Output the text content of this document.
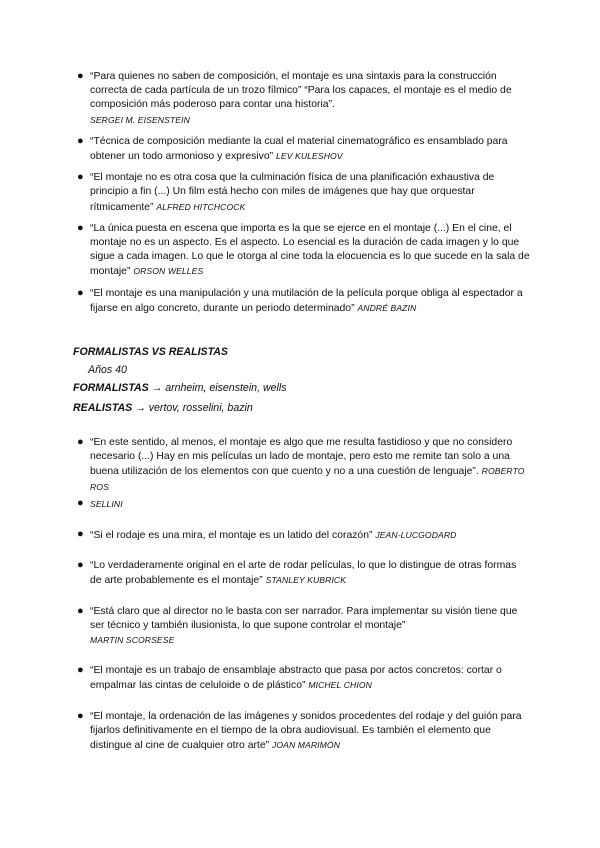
● “Para quienes no saben de composición, el montaje es una sintaxis para la construcción correcta de cada partícula de un trozo fílmico” “Para los capaces, el montaje es el medio de composición más poderoso para contar una historia”.
SERGEI M. EISENSTEIN
● “Técnica de composición mediante la cual el material cinematográfico es ensamblado para obtener un todo armonioso y expresivo” LEV KULESHOV
● “El montaje no es otra cosa que la culminación física de una planificación exhaustiva de principio a fin (...) Un film está hecho con miles de imágenes que hay que orquestar rítmicamente” ALFRED HITCHCOCK
● “La única puesta en escena que importa es la que se ejerce en el montaje (...) En el cine, el montaje no es un aspecto. Es el aspecto. Lo esencial es la duración de cada imagen y lo que sigue a cada imagen. Lo que le otorga al cine toda la elocuencia es lo que sucede en la sala de montaje” ORSON WELLES
● “El montaje es una manipulación y una mutilación de la película porque obliga al espectador a fijarse en algo concreto, durante un periodo determinado” ANDRÉ BAZIN
FORMALISTAS VS REALISTAS
Años 40
FORMALISTAS → arnheim, eisenstein, wells
REALISTAS → vertov, rosselini, bazin
● “En este sentido, al menos, el montaje es algo que me resulta fastidioso y que no considero necesario (...) Hay en mis películas un lado de montaje, pero esto me remite tan solo a una buena utilización de los elementos con que cuento y no a una cuestión de lenguaje”. ROBERTO ROS
● SELLINI
● “Si el rodaje es una mira, el montaje es un latido del corazón” JEAN-LUCGODARD
● “Lo verdaderamente original en el arte de rodar películas, lo que lo distingue de otras formas de arte probablemente es el montaje” STANLEY KUBRICK
● “Está claro que al director no le basta con ser narrador. Para implementar su visión tiene que ser técnico y también ilusionista, lo que supone controlar el montaje”
MARTIN SCORSESE
● “El montaje es un trabajo de ensamblaje abstracto que pasa por actos concretos: cortar o empalmar las cintas de celuloide o de plástico” MICHEL CHION
● “El montaje, la ordenación de las imágenes y sonidos procedentes del rodaje y del guión para fijarlos definitivamente en el tiempo de la obra audiovisual. Es también el elemento que distingue al cine de cualquier otro arte” JOAN MARIMÓN
